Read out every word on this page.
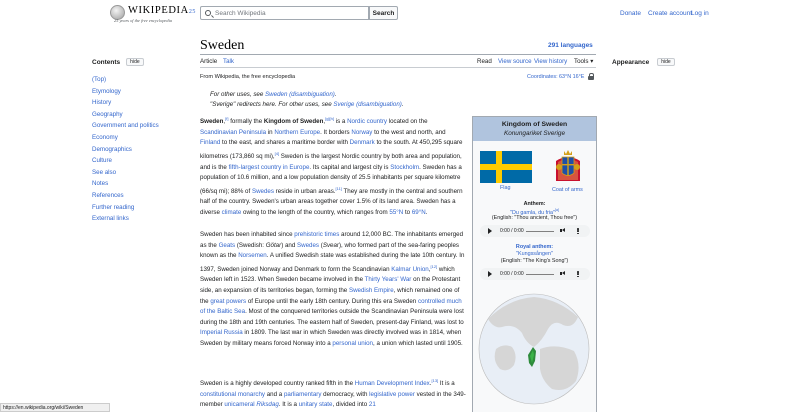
WIKIPEDIA25
25 years of the free encyclopedia
Search Wikipedia
Search	Donate Create account
Log in
Contents	hide
(Top)
Etymology
History
Geography
Government and politics
Economy
Demographics
Culture
See also
Notes
References
Further reading
External links
Sweden	291 languages
Article Talk	Read View source View history Tools ▾
From Wikipedia, the free encyclopedia	Coordinates: 63°N 16°E
For other uses, see Sweden (disambiguation).
"Sverige" redirects here. For other uses, see Sverige (disambiguation).
Sweden,[f] formally the Kingdom of Sweden,[g][h] is a Nordic country located on the Scandinavian Peninsula in Northern Europe. It borders Norway to the west and north, and Finland to the east, and shares a maritime border with Denmark to the south. At 450,295 square kilometres (173,860 sq mi),[4] Sweden is the largest Nordic country by both area and population, and is the fifth-largest country in Europe. Its capital and largest city is Stockholm. Sweden has a population of 10.6 million, and a low population density of 25.5 inhabitants per square kilometre (66/sq mi); 88% of Swedes reside in urban areas.[11] They are mostly in the central and southern half of the country. Sweden's urban areas together cover 1.5% of its land area. Sweden has a diverse climate owing to the length of the country, which ranges from 55°N to 69°N.
Sweden has been inhabited since prehistoric times around 12,000 BC. The inhabitants emerged as the Geats (Swedish: Götar) and Swedes (Svear), who formed part of the sea-faring peoples known as the Norsemen. A unified Swedish state was established during the late 10th century. In 1397, Sweden joined Norway and Denmark to form the Scandinavian Kalmar Union,[12] which Sweden left in 1523. When Sweden became involved in the Thirty Years' War on the Protestant side, an expansion of its territories began, forming the Swedish Empire, which remained one of the great powers of Europe until the early 18th century. During this era Sweden controlled much of the Baltic Sea. Most of the conquered territories outside the Scandinavian Peninsula were lost during the 18th and 19th centuries. The eastern half of Sweden, present-day Finland, was lost to Imperial Russia in 1809. The last war in which Sweden was directly involved was in 1814, when Sweden by military means forced Norway into a personal union, a union which lasted until 1905.
Sweden is a highly developed country ranked fifth in the Human Development Index.[13] It is a constitutional monarchy and a parliamentary democracy, with legislative power vested in the 349-member unicameral Riksdag. It is a unitary state, divided into 21
Kingdom of Sweden
Konungariket Sverige
Flag	Coat of arms
Anthem:
"Du gamla, du fria"[a]
(English: "Thou ancient, Thou free")
0:00 / 0:00
Royal anthem:
"Kungssången"
(English: "The King's Song")
0:00 / 0:00
Appearance	hide
https://en.wikipedia.org/wiki/Sweden
